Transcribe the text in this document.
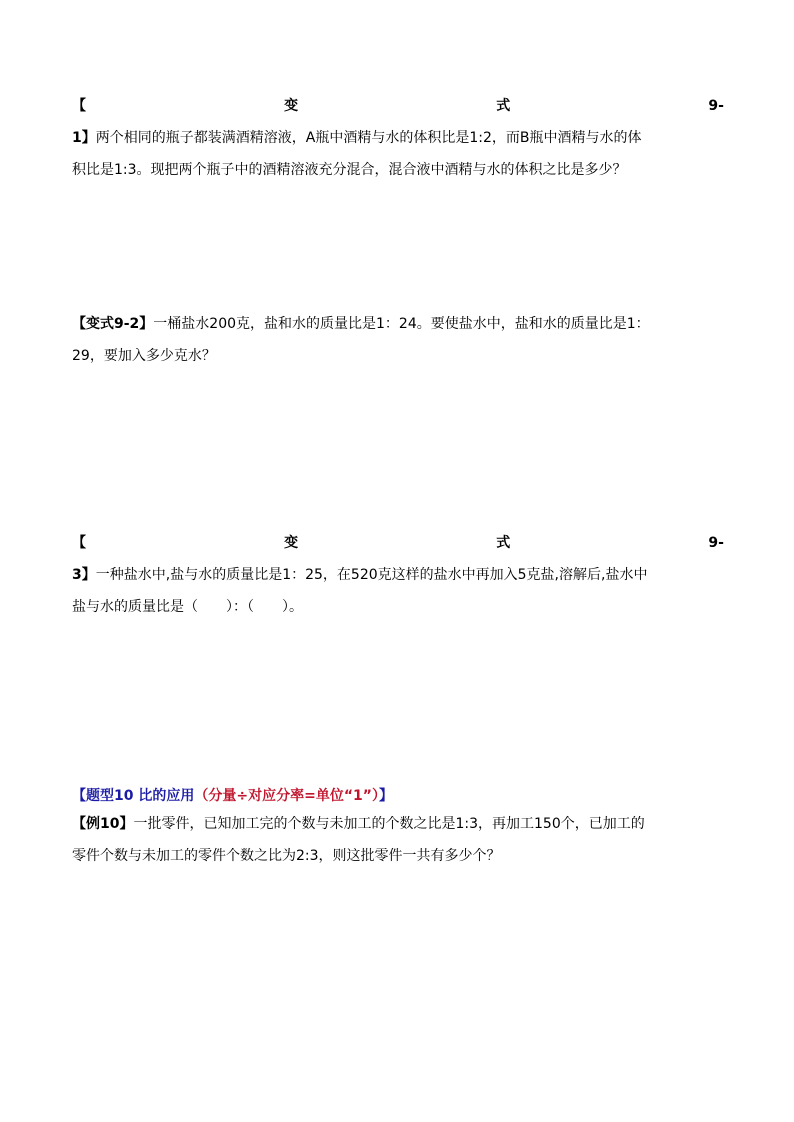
【	变	式	9-
1】两个相同的瓶子都装满酒精溶液，A瓶中酒精与水的体积比是1:2，而B瓶中酒精与水的体
积比是1:3。现把两个瓶子中的酒精溶液充分混合，混合液中酒精与水的体积之比是多少？
【变式9-2】一桶盐水200克，盐和水的质量比是1：24。要使盐水中，盐和水的质量比是1：
29，要加入多少克水？
【	变	式	9-
3】一种盐水中,盐与水的质量比是1：25，在520克这样的盐水中再加入5克盐,溶解后,盐水中
盐与水的质量比是（　　）：（　　）。
【题型10 比的应用（分量÷对应分率=单位“1”）】
【例10】一批零件，已知加工完的个数与未加工的个数之比是1:3，再加工150个，已加工的
零件个数与未加工的零件个数之比为2:3，则这批零件一共有多少个？
